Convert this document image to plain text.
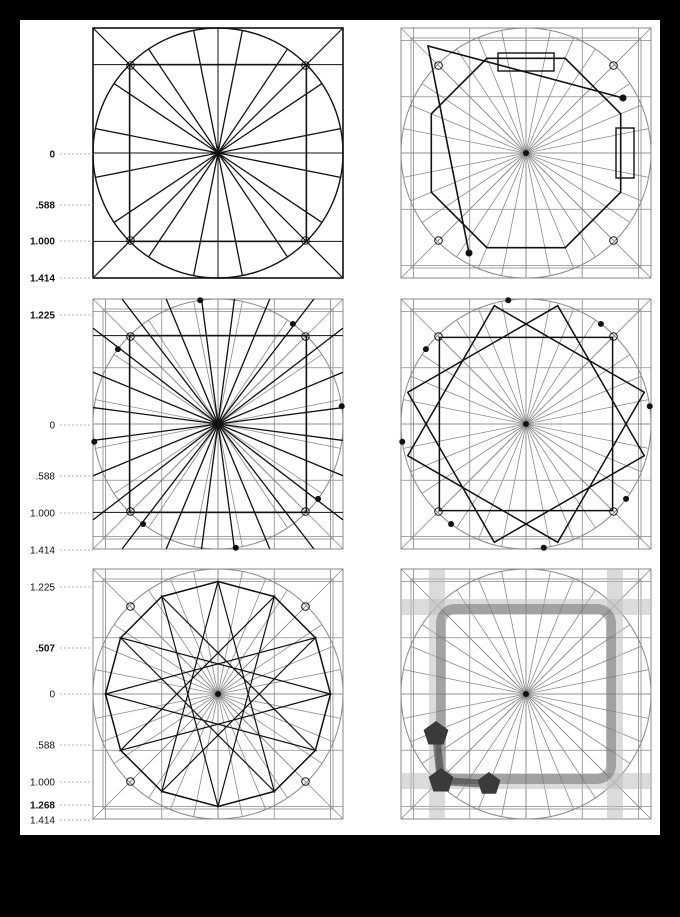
0
.588
1.000
1.414
1.225
0
.588
1.000
1.414
1.225
.507
0
.588
1.000
1.268
1.414
